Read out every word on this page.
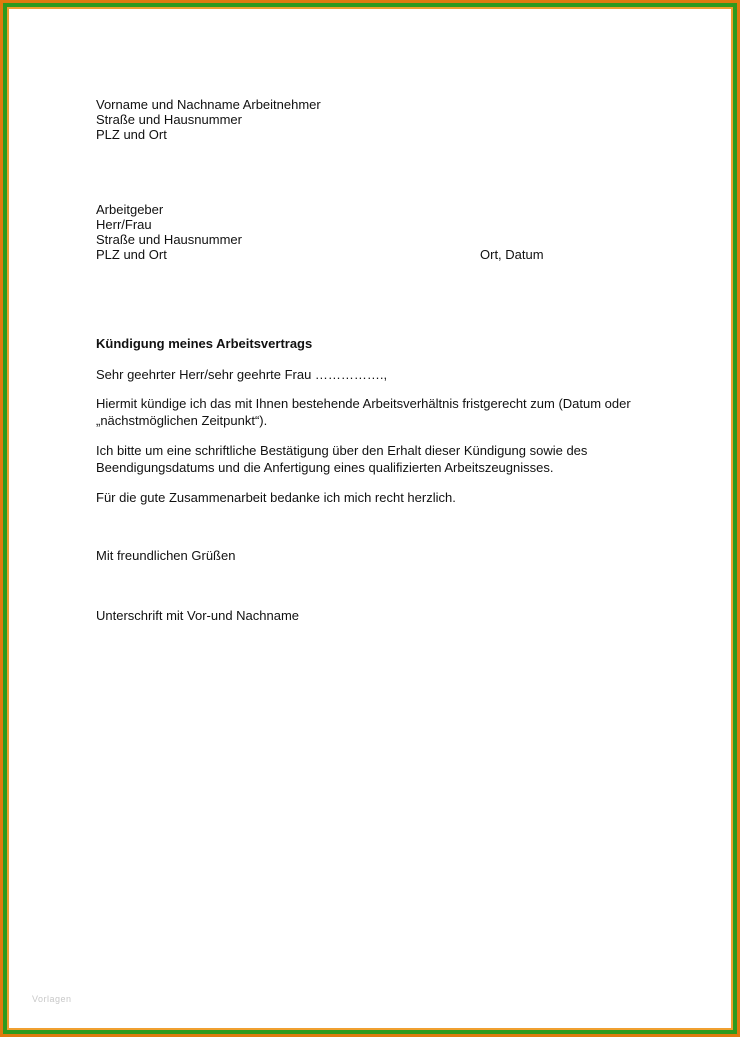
Vorname und Nachname Arbeitnehmer
Straße und Hausnummer
PLZ und Ort
Arbeitgeber
Herr/Frau
Straße und Hausnummer
PLZ und Ort	Ort, Datum
Kündigung meines Arbeitsvertrags
Sehr geehrter Herr/sehr geehrte Frau …………….,
Hiermit kündige ich das mit Ihnen bestehende Arbeitsverhältnis fristgerecht zum (Datum oder „nächstmöglichen Zeitpunkt“).
Ich bitte um eine schriftliche Bestätigung über den Erhalt dieser Kündigung sowie des Beendigungsdatums und die Anfertigung eines qualifizierten Arbeitszeugnisses.
Für die gute Zusammenarbeit bedanke ich mich recht herzlich.
Mit freundlichen Grüßen
Unterschrift mit Vor-und Nachname
Vorlagen
